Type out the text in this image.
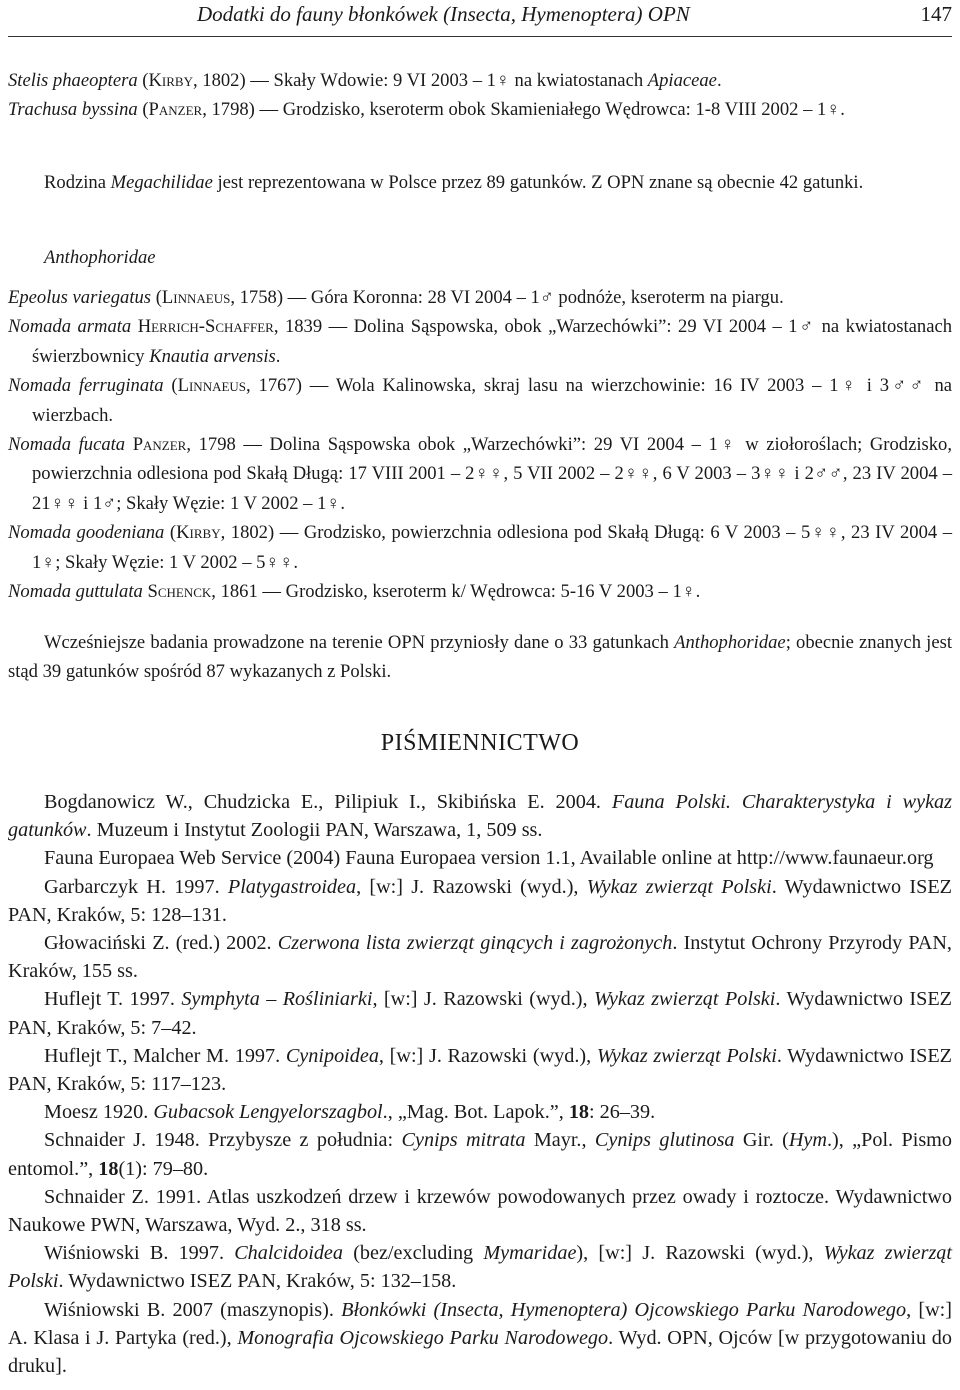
Dodatki do fauny błonkówek (Insecta, Hymenoptera) OPN	147

Stelis phaeoptera (Kirby, 1802) — Skały Wdowie: 9 VI 2003 – 1♀ na kwiatostanach Apiaceae.

Trachusa byssina (Panzer, 1798) — Grodzisko, kseroterm obok Skamieniałego Wędrowca: 1-8 VIII 2002 – 1♀.

Rodzina Megachilidae jest reprezentowana w Polsce przez 89 gatunków. Z OPN znane są obecnie 42 gatunki.

Anthophoridae

Epeolus variegatus (Linnaeus, 1758) — Góra Koronna: 28 VI 2004 – 1♂ podnóże, kseroterm na piargu.

Nomada armata Herrich-Schaffer, 1839 — Dolina Sąspowska, obok „Warzechówki”: 29 VI 2004 – 1♂ na kwiatostanach świerzbownicy Knautia arvensis.

Nomada ferruginata (Linnaeus, 1767) — Wola Kalinowska, skraj lasu na wierzchowinie: 16 IV 2003 – 1♀ i 3♂♂ na wierzbach.

Nomada fucata Panzer, 1798 — Dolina Sąspowska obok „Warzechówki”: 29 VI 2004 – 1♀ w ziołoroślach; Grodzisko, powierzchnia odlesiona pod Skałą Długą: 17 VIII 2001 – 2♀♀, 5 VII 2002 – 2♀♀, 6 V 2003 – 3♀♀ i 2♂♂, 23 IV 2004 – 21♀♀ i 1♂; Skały Węzie: 1 V 2002 – 1♀.

Nomada goodeniana (Kirby, 1802) — Grodzisko, powierzchnia odlesiona pod Skałą Długą: 6 V 2003 – 5♀♀, 23 IV 2004 – 1♀; Skały Węzie: 1 V 2002 – 5♀♀.

Nomada guttulata Schenck, 1861 — Grodzisko, kseroterm k/ Wędrowca: 5-16 V 2003 – 1♀.

Wcześniejsze badania prowadzone na terenie OPN przyniosły dane o 33 gatunkach Anthophoridae; obecnie znanych jest stąd 39 gatunków spośród 87 wykazanych z Polski.

PIŚMIENNICTWO

Bogdanowicz W., Chudzicka E., Pilipiuk I., Skibińska E. 2004. Fauna Polski. Charakterystyka i wykaz gatunków. Muzeum i Instytut Zoologii PAN, Warszawa, 1, 509 ss.

Fauna Europaea Web Service (2004) Fauna Europaea version 1.1, Available online at http://www.faunaeur.org

Garbarczyk H. 1997. Platygastroidea, [w:] J. Razowski (wyd.), Wykaz zwierząt Polski. Wydawnictwo ISEZ PAN, Kraków, 5: 128–131.

Głowaciński Z. (red.) 2002. Czerwona lista zwierząt ginących i zagrożonych. Instytut Ochrony Przyrody PAN, Kraków, 155 ss.

Huflejt T. 1997. Symphyta – Rośliniarki, [w:] J. Razowski (wyd.), Wykaz zwierząt Polski. Wydawnictwo ISEZ PAN, Kraków, 5: 7–42.

Huflejt T., Malcher M. 1997. Cynipoidea, [w:] J. Razowski (wyd.), Wykaz zwierząt Polski. Wydawnictwo ISEZ PAN, Kraków, 5: 117–123.

Moesz 1920. Gubacsok Lengyelorszagbol., „Mag. Bot. Lapok.”, 18: 26–39.

Schnaider J. 1948. Przybysze z południa: Cynips mitrata Mayr., Cynips glutinosa Gir. (Hym.), „Pol. Pismo entomol.”, 18(1): 79–80.

Schnaider Z. 1991. Atlas uszkodzeń drzew i krzewów powodowanych przez owady i roztocze. Wydawnictwo Naukowe PWN, Warszawa, Wyd. 2., 318 ss.

Wiśniowski B. 1997. Chalcidoidea (bez/excluding Mymaridae), [w:] J. Razowski (wyd.), Wykaz zwierząt Polski. Wydawnictwo ISEZ PAN, Kraków, 5: 132–158.

Wiśniowski B. 2007 (maszynopis). Błonkówki (Insecta, Hymenoptera) Ojcowskiego Parku Narodowego, [w:] A. Klasa i J. Partyka (red.), Monografia Ojcowskiego Parku Narodowego. Wyd. OPN, Ojców [w przygotowaniu do druku].
